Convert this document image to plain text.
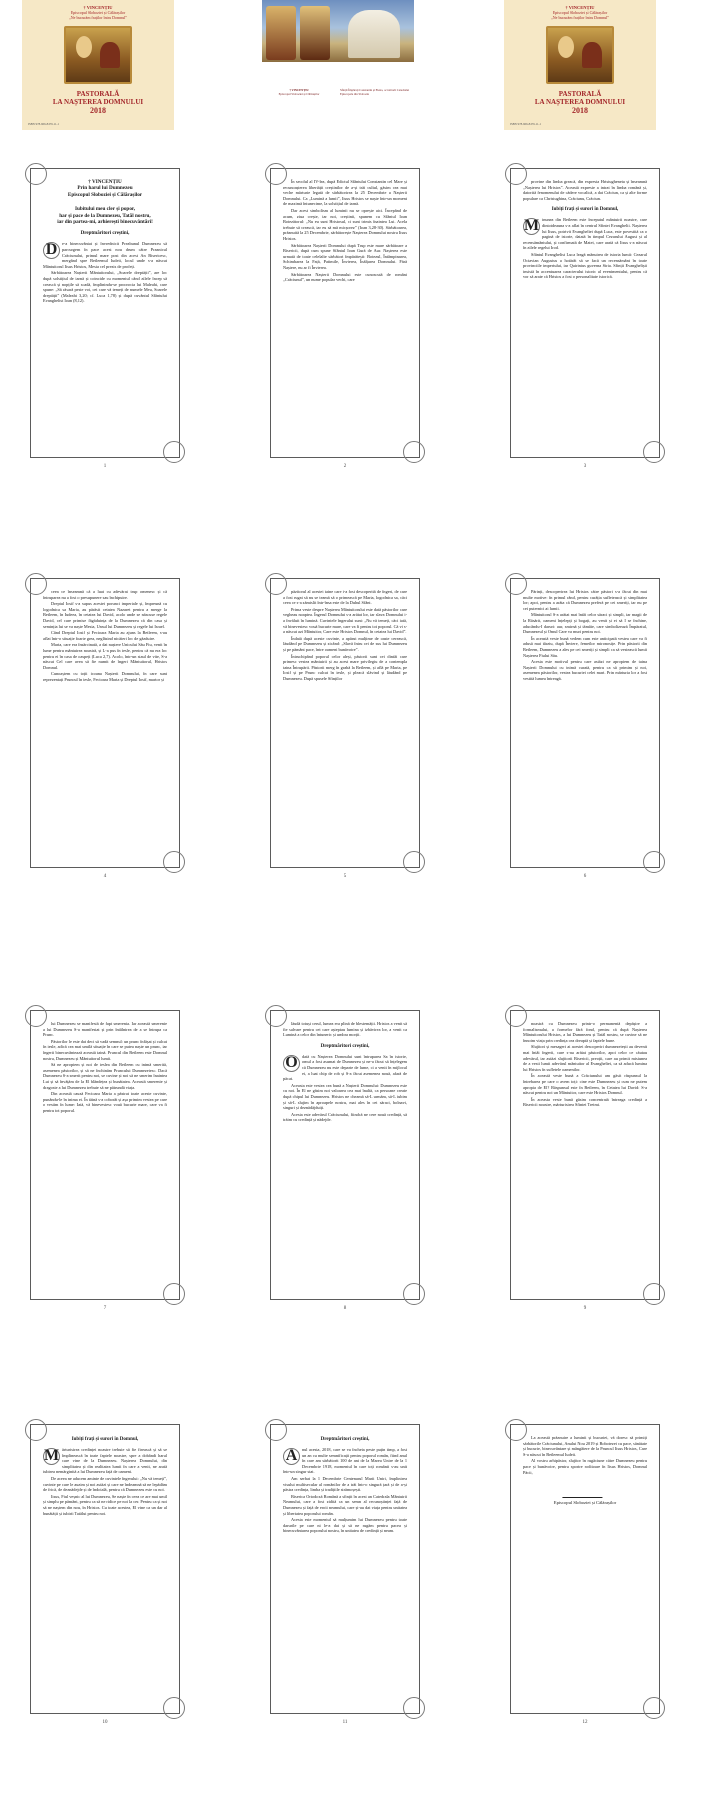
† VINCENȚIU
Episcopul Sloboziei și Călărașilor
„Ne bucurăm fraților întru Domnul”
PASTORALĂ
LA NAȘTEREA DOMNULUI
2018
ISBN 978-606-8479-11-1
† VINCENȚIU
Episcopul Sloboziei și Călărașilor
Sfinții Împărați Constantin și Elena, ocrotitorii Catedralei Episcopale din Slobozia
† VINCENȚIU
Episcopul Sloboziei și Călărașilor
„Ne bucurăm fraților întru Domnul”
PASTORALĂ
LA NAȘTEREA DOMNULUI
2018
ISBN 978-606-8479-11-1
† VINCENȚIU
Prin harul lui Dumnezeu
Episcopul Sloboziei și Călărașilor
Iubitului meu cler și popor,
har și pace de la Dumnezeu, Tatăl nostru,
iar din partea-mi, arhierești binecuvântări!
Dreptmăritori creștini,

D	e-a binecuvântat și învrednicit Preabunul Dumnezeu să parcurgem în pace acest nou drum către Praznicul Crăciunului, primul mare post din acest An Bisericesc, mergând spre Betleemul Iudeii, locul unde s-a născut Mântuitorul Iisus Hristos, Mesia cel prezis de profeți.

Sărbătoarea Nașterii Mântuitorului, „Soarele dreptății”, are loc după solstițiul de iarnă și coincide cu momentul când zilele încep să crească și nopțile să scadă, împlinindu-se proorocia lui Maleahi, care spune: „Să răsară peste voi, cei care vă temeți de numele Meu, Soarele dreptății” (Maleahi 3,20; cf. Luca 1,78) și după cuvântul Sfântului Evanghelist Ioan (8,12).

1

În secolul al IV-lea, după Edictul Sfântului Constantin cel Mare și recunoașterea libertății creștinilor de a-și trăi cultul, găsim cea mai veche mărturie legată de sărbătorirea la 25 Decembrie a Nașterii Domnului. Ca „Lumină a lumii”, Iisus Hristos se naște într-un moment de maximă întunecime, la solstițiul de iarnă.

Dar acest simbolism al luminii nu se oprește aici. Începând de acum, ziua crește, iar noi, creștinii, spunem cu Sfântul Ioan Botezătorul: „Nu eu sunt Hristosul, ci sunt trimis înaintea Lui. Acela trebuie să crească, iar eu să mă micșorez” (Ioan 3,28-30). Sărbătoarea, prăznuită la 25 Decembrie, sărbătorește Nașterea Domnului nostru Iisus Hristos.

Sărbătoarea Nașterii Domnului după Trup este mare sărbătoare a Bisericii, după cum spune Sfântul Ioan Gură de Aur. Nașterea este urmată de toate celelalte sărbători împărătești: Botezul, Întâmpinarea, Schimbarea la Față, Patimile, Învierea, Înălțarea Domnului. Fără Naștere, nu ar fi Învierea.

Sărbătoarea Nașterii Domnului este cunoscută de români „Crăciunul”, un nume popular vechi, care

2

provine din limba greacă, din expresia Hristugheneia și înseamnă „Nașterea lui Hristos”. Această expresie a intrat în limba română și, datorită fenomenului de cădere vocalică, a dat Crăciun, ca și alte forme populare ca Christughina, Crăciunu, Crăciun.

Iubiți frați și surori în Domnul,

M inunea din Betleem este începutul mântuirii noastre, care dintotdeauna s-a aflat în centrul Sfintei Evanghelii. Nașterea lui Iisus, potrivit Evangheliei după Luca, este povestită ca o pagină de istorie, datată în timpul Cezarului August și al recensământului, și confirmată de Matei, care arată că Iisus s-a născut în zilele regelui Irod.

Sfântul Evanghelist Luca leagă mânuirea de istoria lumii: Cezarul Octavian Augustus a hotărât să se facă un recensământ în toate provinciile imperiului, iar Quirinius guverna Siria. Sfinții Evangheliști insistă în accentuarea caracterului istoric al evenimentului, pentru că vor să arate că Hristos a fost o personalitate istorică.

3

ceea ce înseamnă că a luat cu adevărat trup omenesc și că întruparea nu a fost o presupunere sau închipuire.

Dreptul Iosif s-a supus acestei porunci imperiale și, împreună cu logodnica sa Maria, au părăsit cetatea Nazaret pentru a merge la Betleem, în Iudeea, în cetatea lui David, acolo unde se născuse regele David, cel care primise făgăduința de la Dumnezeu că din casa și seminția lui se va naște Mesia, Unsul lui Dumnezeu și regele lui Israel.

Când Dreptul Iosif și Fecioara Maria au ajuns la Betleem, s-au aflat într-o situație foarte grea, neglăsind nicăieri loc de găzduire.

Maria, care era însărcinată, a dat naștere Unicului Său Fiu, venit în lume pentru mântuirea noastră, și L-a pus în iesle, pentru că nu era loc pentru ei în casa de oaspeți (Luca 2,7). Acolo, într-un staul de vite, S-a născut Cel care avea să fie numit de îngeri Mântuitorul, Hristos Domnul.

Cunoaștem cu toții icoana Nașterii Domnului, în care sunt reprezentați Pruncul în iesle, Fecioara Maria și Dreptul Iosif, martor și

4

păzitorul al acestei taine care i-a fost descoperită de îngeri, de care a fost rugat să nu se teamă să o primească pe Maria, logodnica sa, căci ceea ce s-a zămislit într-însa este de la Duhul Sfânt.

Prima veste despre Nașterea Mântuitorului este dată păstorilor care vegheau noaptea. Îngerul Domnului s-a arătat lor, iar slava Domnului i-a învăluit în lumină. Cuvintele îngerului sunt: „Nu vă temeți, căci iată, vă binevestesc vouă bucurie mare, care va fi pentru tot poporul. Că vi s-a născut azi Mântuitor, Care este Hristos Domnul, în cetatea lui David”.

Îndată după aceste cuvinte, a apărut mulțime de oaste cerească, lăudând pe Dumnezeu și zicând: „Slavă întru cei de sus lui Dumnezeu și pe pământ pace, între oameni bunăvoire”.

Întruchipând poporul celor aleși, păstorii sunt cei dintâi care primesc vestea mântuirii și au acest mare privilegiu de a contempla taina Întrupării. Păstorii merg în grabă la Betleem, și află pe Maria, pe Iosif și pe Prunc culcat în iesle, și pleacă slăvind și lăudând pe Dumnezeu. După spusele Sfinților

5

Părinți, descoperirea lui Hristos către păstori s-a făcut din mai multe motive: în primul rând, pentru curăția sufletească și simplitatea lor; apoi, pentru a arăta că Dumnezeu preferă pe cei smeriți, iar nu pe cei puternici ai lumii.

Mântuitorul S-a arătat mai întâi celor săraci și simpli, iar magii de la Răsărit, oameni înțelepți și bogați, au venit și ei să I se închine, aducându-I daruri: aur, smirnă și tămâie, care simbolizează Împăratul, Dumnezeul și Omul Care va muri pentru noi.

În această veste bună vedem cum este anticipată vestea care va fi adusă mai târziu, după Înviere, femeilor mironosițe. Prin păstorii din Betleem, Dumnezeu a ales pe cei smeriți și simpli ca să vestească lumii Nașterea Fiului Său.

Acesta este motivul pentru care astăzi ne apropiem de taina Nașterii Domnului cu inimă curată, pentru ca să primim și noi, asemenea păstorilor, vestea bucuriei celei mari. Prin mărturia lor a fost vestită lumea întreagă.

6

lui Dumnezeu se manifestă de fapt smerenia. Iar această smerenie a lui Dumnezeu S-a manifestat și prin întâlnirea de a se întrupa ca Prunc.

Păstorilor le este dat deci să vadă semnul: un prunc înfășat și culcat în iesle, adică cea mai umilă situație în care se putea naște un prunc, iar îngerii binecuvântează această taină. Pruncul din Betleem este Domnul nostru, Dumnezeu și Mântuitorul lumii.

Să ne apropiem și noi de ieslea din Betleem cu inimă smerită, asemenea păstorilor, și să ne închinăm Pruncului Dumnezeiesc. Dacă Dumnezeu S-a smerit pentru noi, se cuvine și noi să ne smerim înaintea Lui și să învățăm de la El blândețea și bunătatea. Această smerenie și dragoste a lui Dumnezeu trebuie să ne pătrundă viața.

Din această cauză Fecioara Maria a păstrat toate aceste cuvinte, punându-le în inima ei. În tăină s-a coborât și așa primim vestea pe care o vestim în lume: Iată, vă binevestesc vouă bucurie mare, care va fi pentru tot poporul.

7

lăudă totuși cerul, lumea era plină de blestemății. Hristos a venit să fie salvare pentru cei care așteptau lumina și izbăvirea lor, a venit ca Lumină a celor din întuneric și umbra morții.

Dreptmăritori creștini,

O dată cu Nașterea Domnului sunt întruparea Sa în istorie, omul a fost asumat de Dumnezeu și ne-a făcut să înțelegem că Dumnezeu nu este departe de lume, ci a venit în mijlocul ei, a luat chip de rob și S-a făcut asemenea nouă, afară de păcat.

Aceasta este vestea cea bună a Nașterii Domnului: Dumnezeu este cu noi. În El ne găsim noi valoarea cea mai înaltă, ca persoane create după chipul lui Dumnezeu. Hristos ne cheamă să-L urmăm, să-L iubim și să-L slujim în aproapele nostru, mai ales în cei săraci, bolnavi, singuri și deznădăjduiți.

Acesta este adevărul Crăciunului, fiindcă ne cere nouă credință, să trăim cu credință și nădejde.

8

noastră cu Dumnezeu printr-o permanentă depășire a formalismului, a formelor fără fond, pentru că după Nașterea Mântuitorului Hristos, a lui Dumnezeu și Tatăl nostru, se cuvine să ne înnoim viața prin credința cea dreaptă și faptele bune.

Slujitori și mesageri ai acestei descoperiri dumnezeiești au devenit mai întâi îngerii, care s-au arătat păstorilor, apoi celor ce căutau adevărul, iar astăzi slujitorii Bisericii, preoții, care au primit misiunea de a vesti lumii adevărul mântuitor al Evangheliei, ca să aducă lumina lui Hristos în sufletele oamenilor.

În această veste bună a Crăciunului am găsit răspunsul la întrebarea pe care o avem toți: cine este Dumnezeu și cum ne putem apropia de El? Răspunsul este în Betleem, în Cetatea lui David: S-a născut pentru noi un Mântuitor, care este Hristos Domnul.

În aceasta veste bună găsim concentrată întreaga credință a Bisericii noastre, mărturisirea Sfintei Treimi.

9
Iubiți frați și surori în Domnul,

M ărturisirea credinței noastre trebuie să fie firească și să se împlinească în toate faptele noastre, spre a dobândi harul care vine de la Dumnezeu. Nașterea Domnului, din simplitatea și din realitatea lumii în care a venit, ne arată iubirea nemărginită a lui Dumnezeu față de oameni.

De aceea ne aducem aminte de cuvintele îngerului: „Nu vă temeți”, cuvinte pe care le auzim și noi astăzi și care ne îndeamnă să ne lepădăm de frică, de deznădejde și de îndoială, pentru că Dumnezeu este cu noi.

Iisus, Fiul veșnic al lui Dumnezeu, Se naște în ceea ce are mai umil și simplu pe pământ, pentru ca să ne ridice pe noi la cer. Pentru ca și noi să ne naștem din nou, în Hristos. Cu toate acestea, El vine ca un dar al bunătății și iubirii Tatălui pentru noi.

10
Dreptmăritori creștini,

A	nul acesta, 2018, care se va încheia peste puțin timp, a fost un an cu multe semnificații pentru poporul român, fiind anul în care am sărbătorit 100 de ani de la Marea Unire de la 1 Decembrie 1918, momentul în care toți românii s-au unit într-un singur stat.

Am serbat la 1 Decembrie Centenarul Marii Uniri, împlinirea visului multisecular al românilor de a trăi într-o singură țară și de a-și păstra credința, limba și tradițiile strămoșești.

Biserica Ortodoxă Română a sfințit în acest an Catedrala Mântuirii Neamului, care a fost zidită ca un semn al recunoștinței față de Dumnezeu și față de eroii neamului, care și-au dat viața pentru unitatea și libertatea poporului român.

Acesta este momentul să mulțumim lui Dumnezeu pentru toate darurile pe care ni le-a dat și să ne rugăm pentru pacea și binecuvântarea poporului nostru, în unitatea de credință și neam.

11

La această prăznuire a luminii și bucuriei, vă doresc să primiți sărbătorile Crăciunului, Anului Nou 2019 și Bobotezei cu pace, sănătate și bucurie, binecuvântare și mângâiere de la Pruncul Iisus Hristos, Care S-a născut în Betleemul Iudeii.

Al vostru arhipăstor, slujitor în rugăciune către Dumnezeu pentru pace și bunăvoire, pentru sporire roditoare în Iisus Hristos, Domnul Păcii,

Episcopul Sloboziei și Călărașilor
12
